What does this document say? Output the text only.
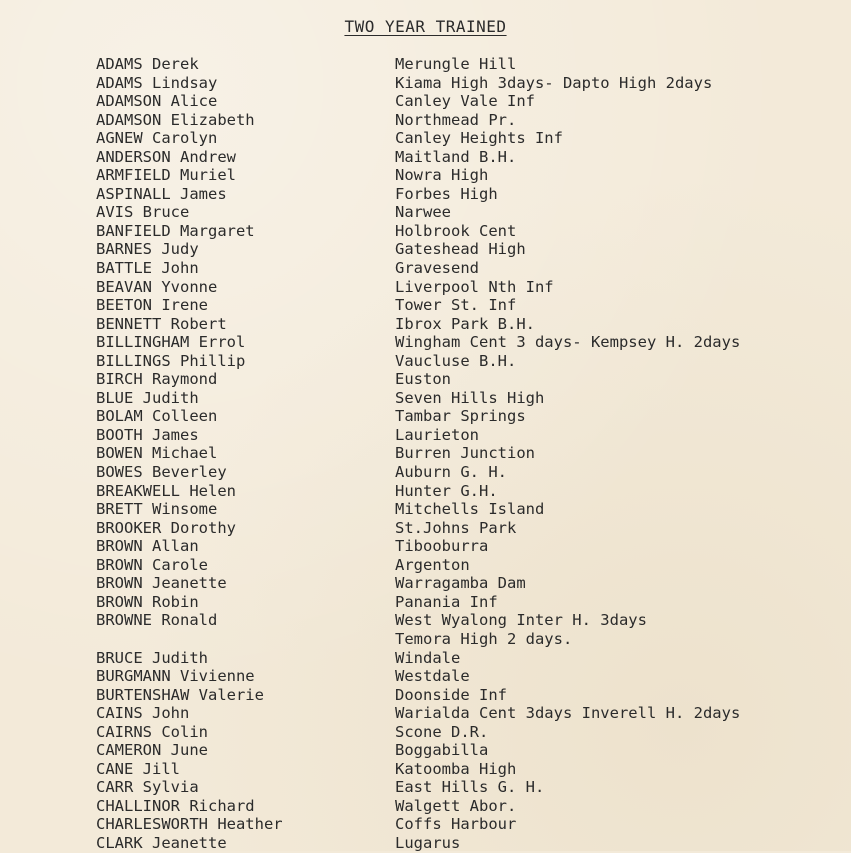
TWO YEAR TRAINED
ADAMS Derek	Merungle Hill
ADAMS Lindsay	Kiama High 3days- Dapto High 2days
ADAMSON Alice	Canley Vale Inf
ADAMSON Elizabeth	Northmead Pr.
AGNEW Carolyn	Canley Heights Inf
ANDERSON Andrew	Maitland B.H.
ARMFIELD Muriel	Nowra High
ASPINALL James	Forbes High
AVIS Bruce	Narwee
BANFIELD Margaret	Holbrook Cent
BARNES Judy	Gateshead High
BATTLE John	Gravesend
BEAVAN Yvonne	Liverpool Nth Inf
BEETON Irene	Tower St. Inf
BENNETT Robert	Ibrox Park B.H.
BILLINGHAM Errol	Wingham Cent 3 days- Kempsey H. 2days
BILLINGS Phillip	Vaucluse B.H.
BIRCH Raymond	Euston
BLUE Judith	Seven Hills High
BOLAM Colleen	Tambar Springs
BOOTH James	Laurieton
BOWEN Michael	Burren Junction
BOWES Beverley	Auburn G. H.
BREAKWELL Helen	Hunter G.H.
BRETT Winsome	Mitchells Island
BROOKER Dorothy	St.Johns Park
BROWN Allan	Tibooburra
BROWN Carole	Argenton
BROWN Jeanette	Warragamba Dam
BROWN Robin	Panania Inf
BROWNE Ronald	West Wyalong Inter H. 3days
Temora High 2 days.
BRUCE Judith	Windale
BURGMANN Vivienne	Westdale
BURTENSHAW Valerie	Doonside Inf
CAINS John	Warialda Cent 3days Inverell H. 2days
CAIRNS Colin	Scone D.R.
CAMERON June	Boggabilla
CANE Jill	Katoomba High
CARR Sylvia	East Hills G. H.
CHALLINOR Richard	Walgett Abor.
CHARLESWORTH Heather	Coffs Harbour
CLARK Jeanette	Lugarus
